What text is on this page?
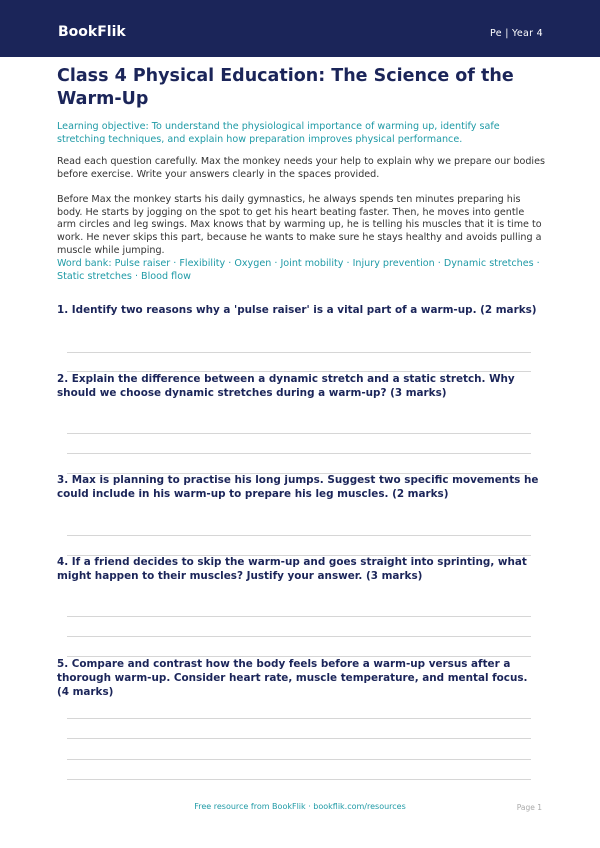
BookFlik	Pe | Year 4
Class 4 Physical Education: The Science of the Warm-Up

Learning objective: To understand the physiological importance of warming up, identify safe stretching techniques, and explain how preparation improves physical performance.

Read each question carefully. Max the monkey needs your help to explain why we prepare our bodies before exercise. Write your answers clearly in the spaces provided.

Before Max the monkey starts his daily gymnastics, he always spends ten minutes preparing his body. He starts by jogging on the spot to get his heart beating faster. Then, he moves into gentle arm circles and leg swings. Max knows that by warming up, he is telling his muscles that it is time to work. He never skips this part, because he wants to make sure he stays healthy and avoids pulling a muscle while jumping.

Word bank: Pulse raiser · Flexibility · Oxygen · Joint mobility · Injury prevention · Dynamic stretches · Static stretches · Blood flow

1. Identify two reasons why a 'pulse raiser' is a vital part of a warm-up. (2 marks)

2. Explain the difference between a dynamic stretch and a static stretch. Why should we choose dynamic stretches during a warm-up? (3 marks)

3. Max is planning to practise his long jumps. Suggest two specific movements he could include in his warm-up to prepare his leg muscles. (2 marks)

4. If a friend decides to skip the warm-up and goes straight into sprinting, what might happen to their muscles? Justify your answer. (3 marks)

5. Compare and contrast how the body feels before a warm-up versus after a thorough warm-up. Consider heart rate, muscle temperature, and mental focus. (4 marks)

Free resource from BookFlik · bookflik.com/resources	Page 1
